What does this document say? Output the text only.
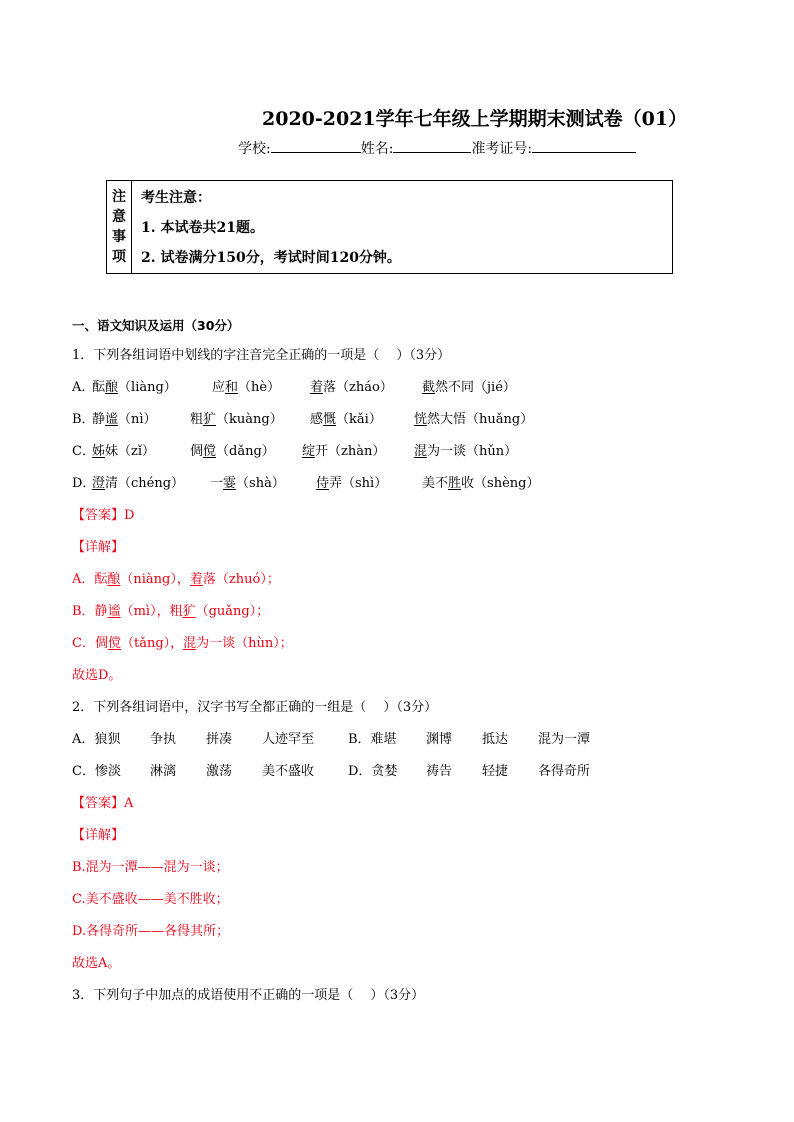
2020-2021学年七年级上学期期末测试卷（01）
学校:	姓名:	准考证号:
注
意
事
项
考生注意：
1. 本试卷共21题。
2. 试卷满分150分，考试时间120分钟。
一、语文知识及运用（30分）
1．下列各组词语中划线的字注音完全正确的一项是（　 ）（3分）
A．
酝酿（liàng）	应和（hè） 着落（zháo） 截然不同（jié）
B．
静谧（nì）	粗犷（kuàng） 感慨（kǎi） 恍然大悟（huǎng）
C．
姊妹（zǐ）	倜傥（dǎng） 绽开（zhàn） 混为一谈（hǔn）
D．
澄清（chéng） 一霎（shà） 侍弄（shì）	美不胜收（shèng）
【答案】D
【详解】
A．酝酿（niàng），着落（zhuó）；
B．静谧（mì），粗犷（guǎng）；
C．倜傥（tǎng），混为一谈（hùn）；
故选D。
2．下列各组词语中，汉字书写全都正确的一组是（　 ）（3分）
A．狼狈 争执 拼凑 人迹罕至	B．难堪 渊博 抵达 混为一潭
C．惨淡 淋漓 激荡 美不盛收	D．贪婪 祷告 轻捷 各得奇所
【答案】A
【详解】
B.混为一潭——混为一谈；
C.美不盛收——美不胜收；
D.各得奇所——各得其所；
故选A。
3．下列句子中加点的成语使用不正确的一项是（　 ）（3分）
